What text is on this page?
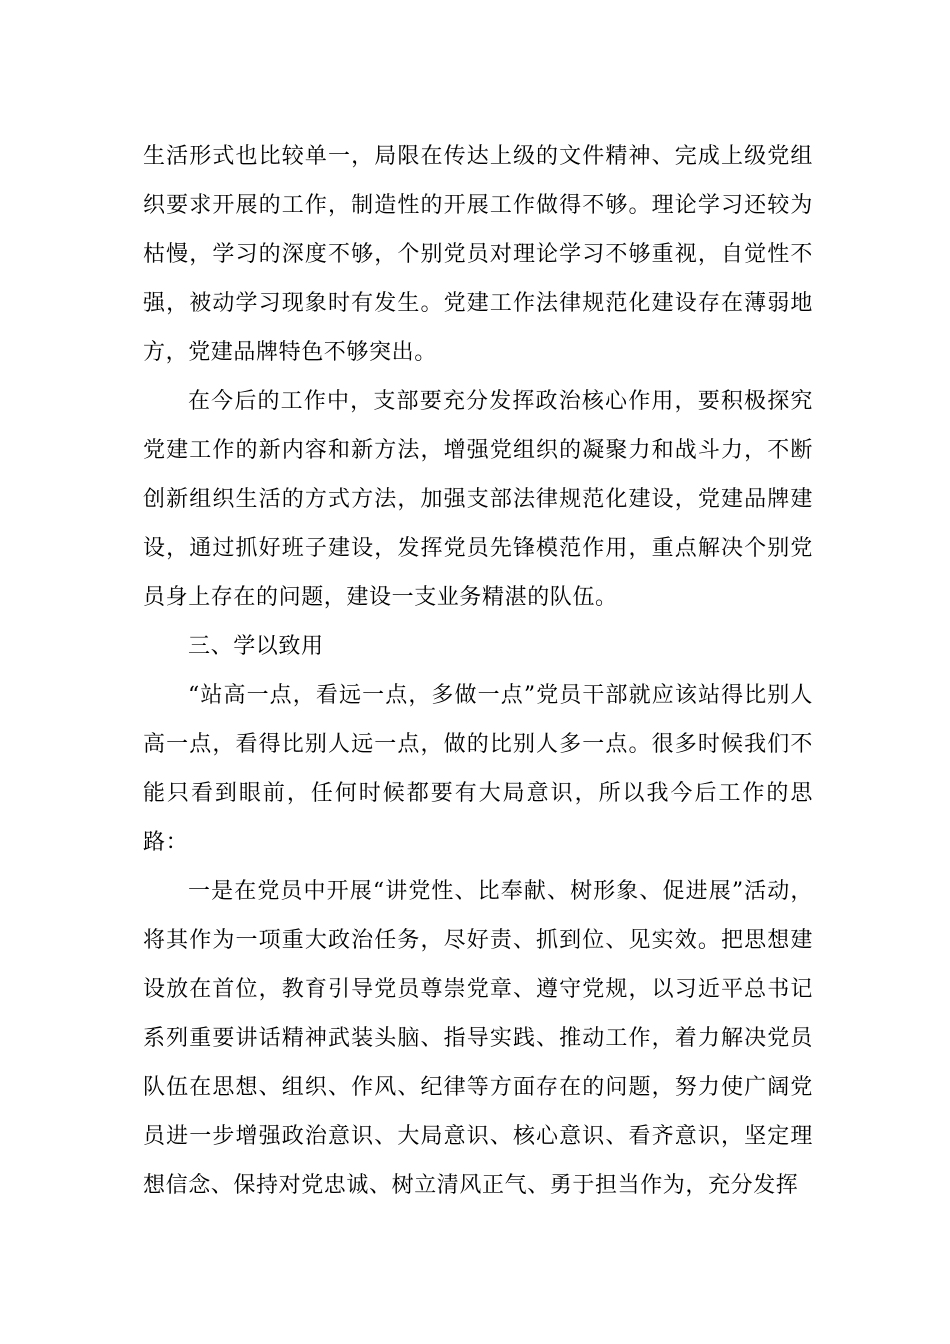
生活形式也比较单一，局限在传达上级的文件精神、完成上级党组织要求开展的工作，制造性的开展工作做得不够。理论学习还较为枯慢，学习的深度不够，个别党员对理论学习不够重视，自觉性不强，被动学习现象时有发生。党建工作法律规范化建设存在薄弱地方，党建品牌特色不够突出。

在今后的工作中，支部要充分发挥政治核心作用，要积极探究党建工作的新内容和新方法，增强党组织的凝聚力和战斗力，不断创新组织生活的方式方法，加强支部法律规范化建设，党建品牌建设，通过抓好班子建设，发挥党员先锋模范作用，重点解决个别党员身上存在的问题，建设一支业务精湛的队伍。

三、学以致用

“站高一点，看远一点，多做一点”党员干部就应该站得比别人高一点，看得比别人远一点，做的比别人多一点。很多时候我们不能只看到眼前，任何时候都要有大局意识，所以我今后工作的思路：

一是在党员中开展“讲党性、比奉献、树形象、促进展”活动，将其作为一项重大政治任务，尽好责、抓到位、见实效。把思想建设放在首位，教育引导党员尊崇党章、遵守党规，以习近平总书记系列重要讲话精神武装头脑、指导实践、推动工作，着力解决党员队伍在思想、组织、作风、纪律等方面存在的问题，努力使广阔党员进一步增强政治意识、大局意识、核心意识、看齐意识，坚定理想信念、保持对党忠诚、树立清风正气、勇于担当作为，充分发挥
